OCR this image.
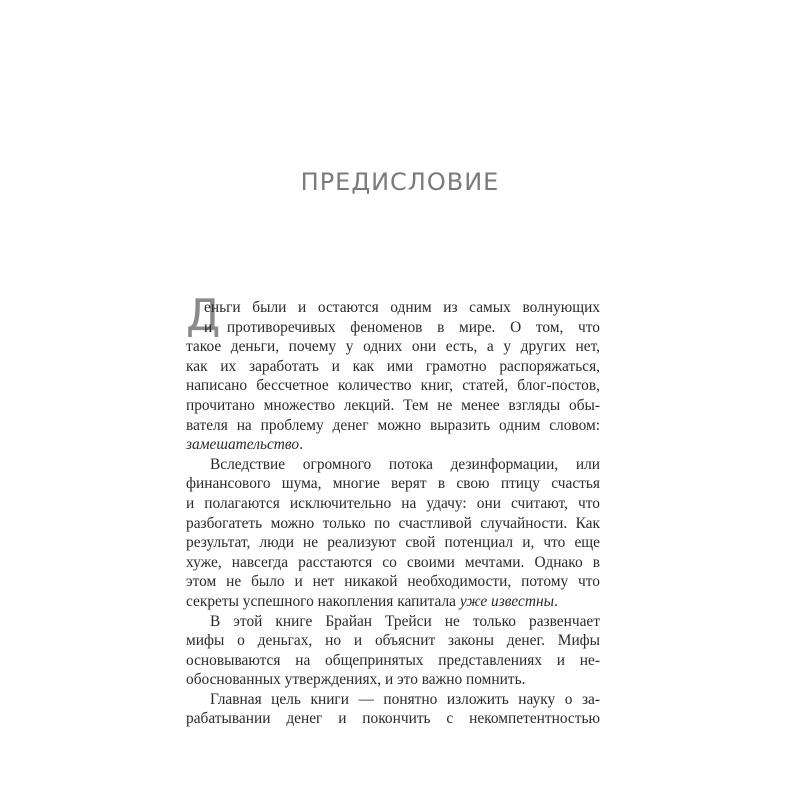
ПРЕДИСЛОВИЕ
Д
еньги были и остаются одним из самых волнующих
и противоречивых феноменов в мире. О том, что
такое деньги, почему у одних они есть, а у других нет,
как их заработать и как ими грамотно распоряжаться,
написано бессчетное количество книг, статей, блог-постов,
прочитано множество лекций. Тем не менее взгляды обы-
вателя на проблему денег можно выразить одним словом:
замешательство.
Вследствие огромного потока дезинформации, или
финансового шума, многие верят в свою птицу счастья
и полагаются исключительно на удачу: они считают, что
разбогатеть можно только по счастливой случайности. Как
результат, люди не реализуют свой потенциал и, что еще
хуже, навсегда расстаются со своими мечтами. Однако в
этом не было и нет никакой необходимости, потому что
секреты успешного накопления капитала уже известны.
В этой книге Брайан Трейси не только развенчает
мифы о деньгах, но и объяснит законы денег. Мифы
основываются на общепринятых представлениях и не-
обоснованных утверждениях, и это важно помнить.
Главная цель книги — понятно изложить науку о за-
рабатывании денег и покончить с некомпетентностью
